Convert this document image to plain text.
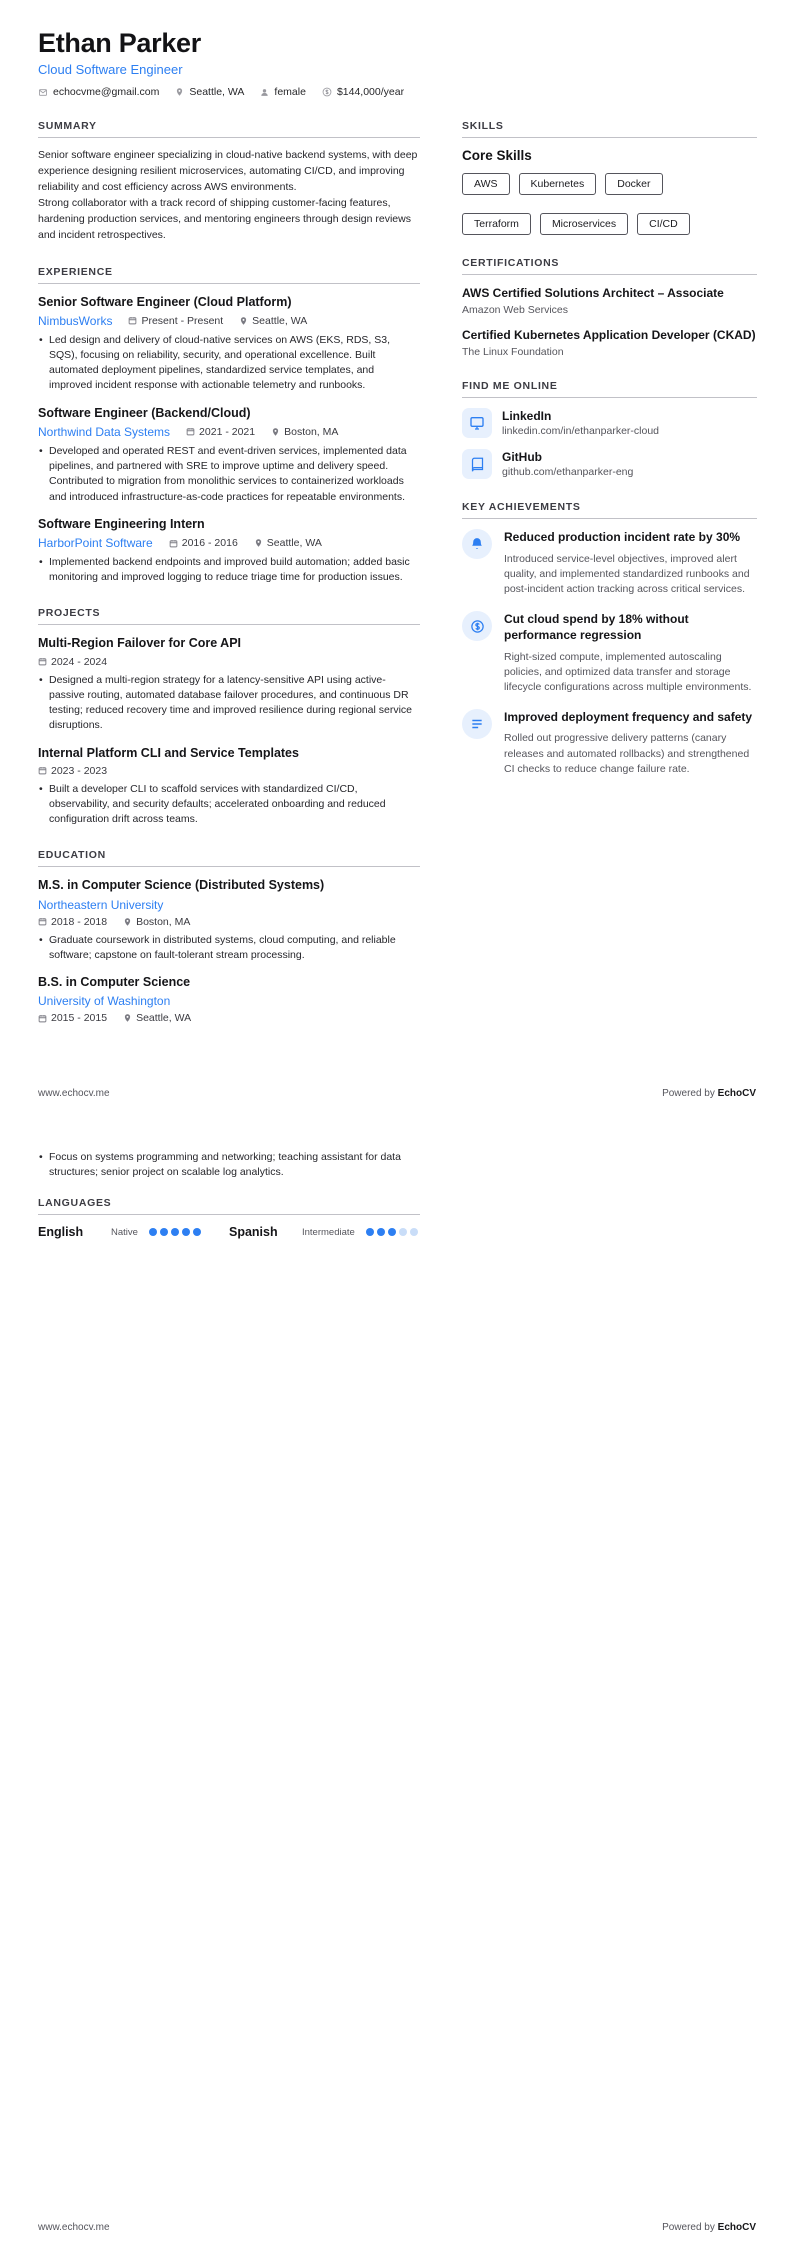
Ethan Parker
Cloud Software Engineer
echocvme@gmail.com	Seattle, WA	female	$144,000/year
SUMMARY

Senior software engineer specializing in cloud-native backend systems, with deep experience designing resilient microservices, automating CI/CD, and improving reliability and cost efficiency across AWS environments.

Strong collaborator with a track record of shipping customer-facing features, hardening production services, and mentoring engineers through design reviews and incident retrospectives.

EXPERIENCE
Senior Software Engineer (Cloud Platform)
NimbusWorks	Present - Present	Seattle, WA
• Led design and delivery of cloud-native services on AWS (EKS, RDS, S3, SQS), focusing on reliability, security, and operational excellence. Built automated deployment pipelines, standardized service templates, and improved incident response with actionable telemetry and runbooks.
Software Engineer (Backend/Cloud)
Northwind Data Systems	2021 - 2021	Boston, MA
• Developed and operated REST and event-driven services, implemented data pipelines, and partnered with SRE to improve uptime and delivery speed. Contributed to migration from monolithic services to containerized workloads and introduced infrastructure-as-code practices for repeatable environments.
Software Engineering Intern
HarborPoint Software	2016 - 2016	Seattle, WA
• Implemented backend endpoints and improved build automation; added basic monitoring and improved logging to reduce triage time for production issues.
PROJECTS
Multi-Region Failover for Core API
2024 - 2024
• Designed a multi-region strategy for a latency-sensitive API using active-passive routing, automated database failover procedures, and continuous DR testing; reduced recovery time and improved resilience during regional service disruptions.
Internal Platform CLI and Service Templates
2023 - 2023
• Built a developer CLI to scaffold services with standardized CI/CD, observability, and security defaults; accelerated onboarding and reduced configuration drift across teams.
EDUCATION
M.S. in Computer Science (Distributed Systems)
Northeastern University
2018 - 2018	Boston, MA
• Graduate coursework in distributed systems, cloud computing, and reliable software; capstone on fault-tolerant stream processing.
B.S. in Computer Science
University of Washington
2015 - 2015	Seattle, WA
SKILLS
Core Skills
AWS	Kubernetes	Docker
Terraform	Microservices	CI/CD
CERTIFICATIONS
AWS Certified Solutions Architect – Associate
Amazon Web Services
Certified Kubernetes Application Developer (CKAD)
The Linux Foundation
FIND ME ONLINE
LinkedIn
linkedin.com/in/ethanparker-cloud
GitHub
github.com/ethanparker-eng
KEY ACHIEVEMENTS
Reduced production incident rate by 30%
Introduced service-level objectives, improved alert quality, and implemented standardized runbooks and post-incident action tracking across critical services.
Cut cloud spend by 18% without performance regression
Right-sized compute, implemented autoscaling policies, and optimized data transfer and storage lifecycle configurations across multiple environments.
Improved deployment frequency and safety
Rolled out progressive delivery patterns (canary releases and automated rollbacks) and strengthened CI checks to reduce change failure rate.
www.echocv.me	Powered by EchoCV
• Focus on systems programming and networking; teaching assistant for data structures; senior project on scalable log analytics.
LANGUAGES
English	Native	Spanish	Intermediate
www.echocv.me	Powered by EchoCV
